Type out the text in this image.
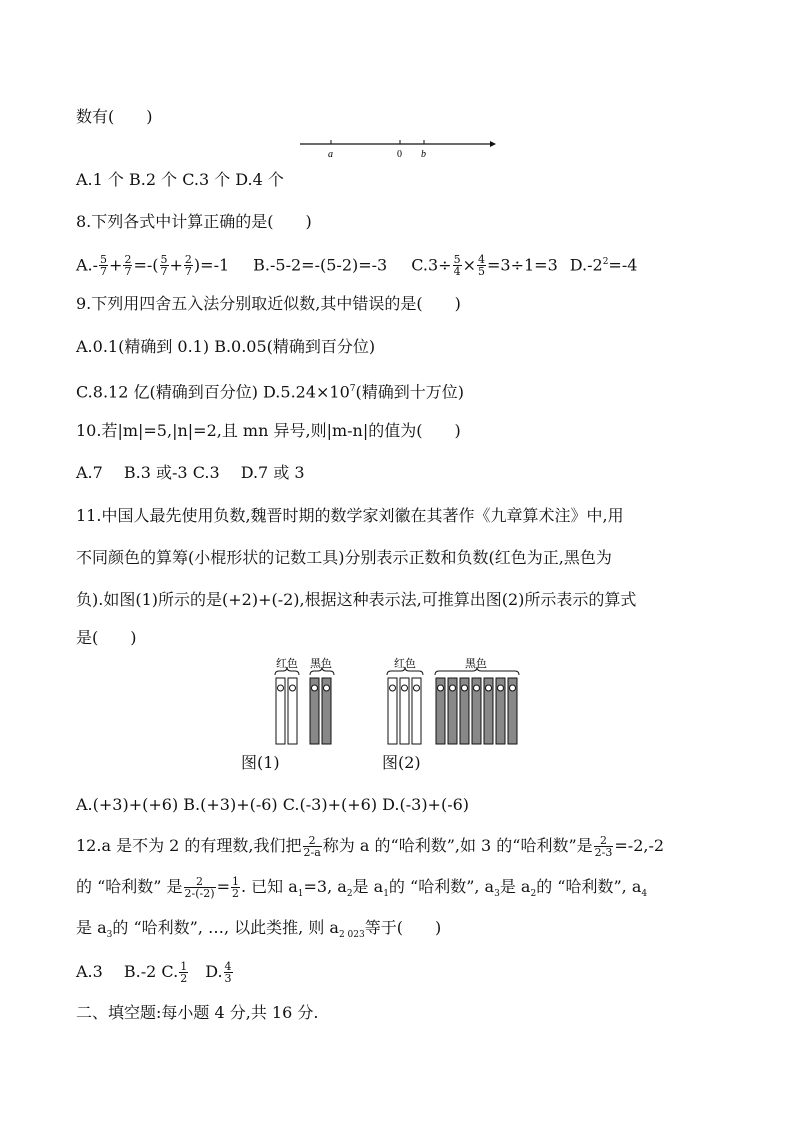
数有(　　)
a	0 b
A.1 个 B.2 个 C.3 个 D.4 个
8.下列各式中计算正确的是(　　)
$A.- \frac{5}{7} + \frac{2}{7}$ =-( $\frac{5}{7} + \frac{2}{7} )=-1$ B.-5-2=-(5-2)=-3 $C.3\div \frac{5}{4} \times \frac{4}{5} =3\div 1=3$ $D.-2^2=-4$
9.下列用四舍五入法分别取近似数,其中错误的是(　　)
A.0.1(精确到 0.1) B.0.05(精确到百分位)
C.8.12 亿(精确到百分位) $D.5.24\times 10^7$(精确到十万位)
10.若|m|=5,|n|=2,且 mn 异号,则|m-n|的值为(　　)
A.7　 B.3 或-3 C.3　 D.7 或 3
11.中国人最先使用负数,魏晋时期的数学家刘徽在其著作《九章算术注》中,用
不同颜色的算筹(小棍形状的记数工具)分别表示正数和负数(红色为正,黑色为
负).如图(1)所示的是(+2)+(-2),根据这种表示法,可推算出图(2)所示表示的算式
是(　　)
红色 黑色	红色	黑色
图(1)	图(2)
A.(+3)+(+6) B.(+3)+(-6) C.(-3)+(+6) D.(-3)+(-6)
12.a 是不为 2 的有理数,我们把 $\frac{2}{2-a}$ 称为 a 的“哈利数”,如 3 的“哈利数”是 $\frac{2}{2-3} =-2,-2$
的 “哈利数” 是 $\frac{2}{2-(-2)} = \frac{1}{2}$ . 已知 $a_1=3$, $a_2$是 $a_1$的 “哈利数”, $a_3$是 $a_2$的 “哈利数”, $a_4$
是 $a_3$的 “哈利数”, …, 以此类推, 则 $a_{2 023}$等于(　　)
A.3　 B.-2 C. $\frac{1}{2}$ 　D. $\frac{4}{3}$
二、填空题:每小题 4 分,共 16 分.
